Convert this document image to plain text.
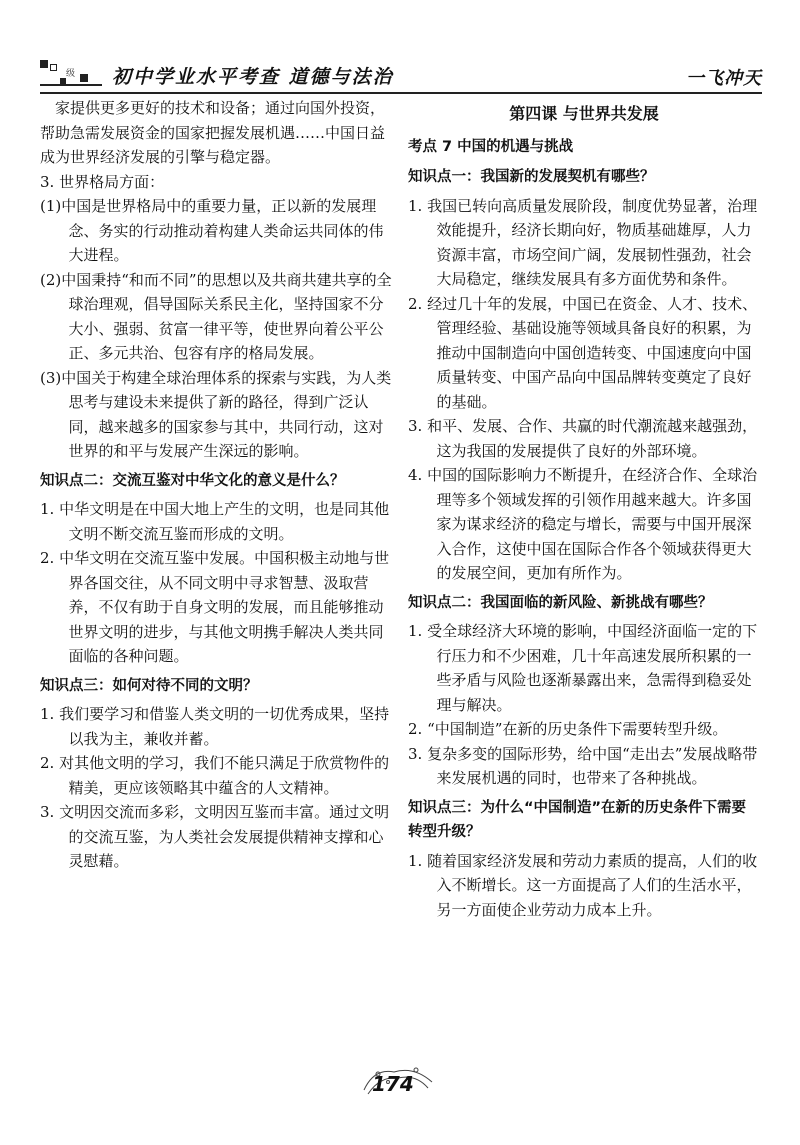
级 初中学业水平考查 道德与法治	一飞冲天

家提供更多更好的技术和设备；通过向国外投资，帮助急需发展资金的国家把握发展机遇……中国日益成为世界经济发展的引擎与稳定器。

3. 世界格局方面：

(1)中国是世界格局中的重要力量，正以新的发展理念、务实的行动推动着构建人类命运共同体的伟大进程。

(2)中国秉持“和而不同”的思想以及共商共建共享的全球治理观，倡导国际关系民主化，坚持国家不分大小、强弱、贫富一律平等，使世界向着公平公正、多元共治、包容有序的格局发展。

(3)中国关于构建全球治理体系的探索与实践，为人类思考与建设未来提供了新的路径，得到广泛认同，越来越多的国家参与其中，共同行动，这对世界的和平与发展产生深远的影响。

知识点二：交流互鉴对中华文化的意义是什么？

1. 中华文明是在中国大地上产生的文明，也是同其他文明不断交流互鉴而形成的文明。

2. 中华文明在交流互鉴中发展。中国积极主动地与世界各国交往，从不同文明中寻求智慧、汲取营养，不仅有助于自身文明的发展，而且能够推动世界文明的进步，与其他文明携手解决人类共同面临的各种问题。

知识点三：如何对待不同的文明？

1. 我们要学习和借鉴人类文明的一切优秀成果，坚持以我为主，兼收并蓄。

2. 对其他文明的学习，我们不能只满足于欣赏物件的精美，更应该领略其中蕴含的人文精神。

3. 文明因交流而多彩，文明因互鉴而丰富。通过文明的交流互鉴，为人类社会发展提供精神支撑和心灵慰藉。

第四课 与世界共发展

考点 7 中国的机遇与挑战

知识点一：我国新的发展契机有哪些？

1. 我国已转向高质量发展阶段，制度优势显著，治理效能提升，经济长期向好，物质基础雄厚，人力资源丰富，市场空间广阔，发展韧性强劲，社会大局稳定，继续发展具有多方面优势和条件。

2. 经过几十年的发展，中国已在资金、人才、技术、管理经验、基础设施等领域具备良好的积累，为推动中国制造向中国创造转变、中国速度向中国质量转变、中国产品向中国品牌转变奠定了良好的基础。

3. 和平、发展、合作、共赢的时代潮流越来越强劲，这为我国的发展提供了良好的外部环境。

4. 中国的国际影响力不断提升，在经济合作、全球治理等多个领域发挥的引领作用越来越大。许多国家为谋求经济的稳定与增长，需要与中国开展深入合作，这使中国在国际合作各个领域获得更大的发展空间，更加有所作为。

知识点二：我国面临的新风险、新挑战有哪些？

1. 受全球经济大环境的影响，中国经济面临一定的下行压力和不少困难，几十年高速发展所积累的一些矛盾与风险也逐渐暴露出来，急需得到稳妥处理与解决。

2. “中国制造”在新的历史条件下需要转型升级。

3. 复杂多变的国际形势，给中国“走出去”发展战略带来发展机遇的同时，也带来了各种挑战。

知识点三：为什么“中国制造”在新的历史条件下需要转型升级？

1. 随着国家经济发展和劳动力素质的提高，人们的收入不断增长。这一方面提高了人们的生活水平，另一方面使企业劳动力成本上升。

174
